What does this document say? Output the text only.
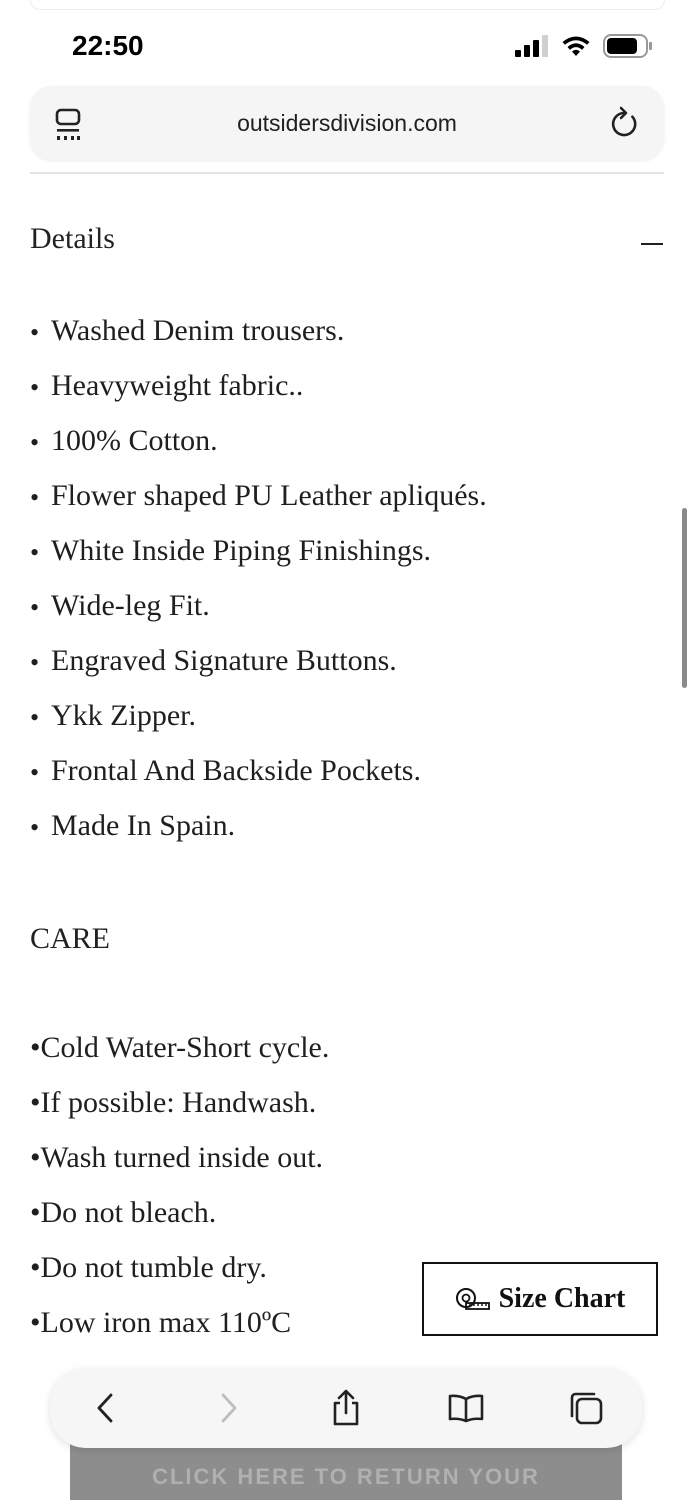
22:50
outsidersdivision.com
Details
• Washed Denim trousers.
• Heavyweight fabric..
• 100% Cotton.
• Flower shaped PU Leather apliqués.
• White Inside Piping Finishings.
• Wide-leg Fit.
• Engraved Signature Buttons.
• Ykk Zipper.
• Frontal And Backside Pockets.
• Made In Spain.
CARE
•Cold Water-Short cycle.
•If possible: Handwash.
•Wash turned inside out.
•Do not bleach.
•Do not tumble dry.
•Low iron max 110ºC
Size Chart
CLICK HERE TO RETURN YOUR
